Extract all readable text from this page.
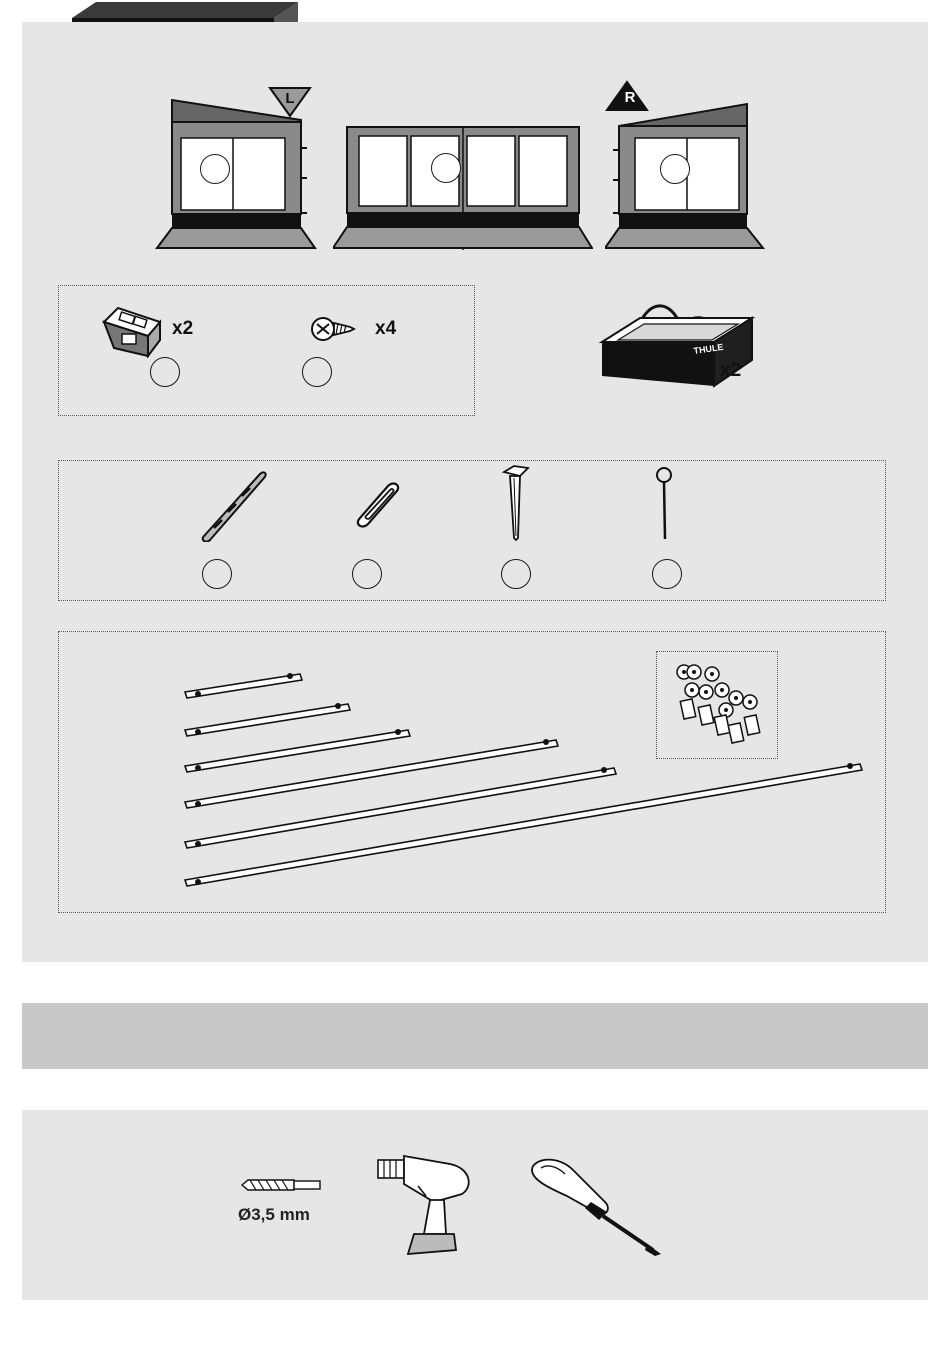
L	R
x2	x4
THULE
x2
Ø3,5 mm
